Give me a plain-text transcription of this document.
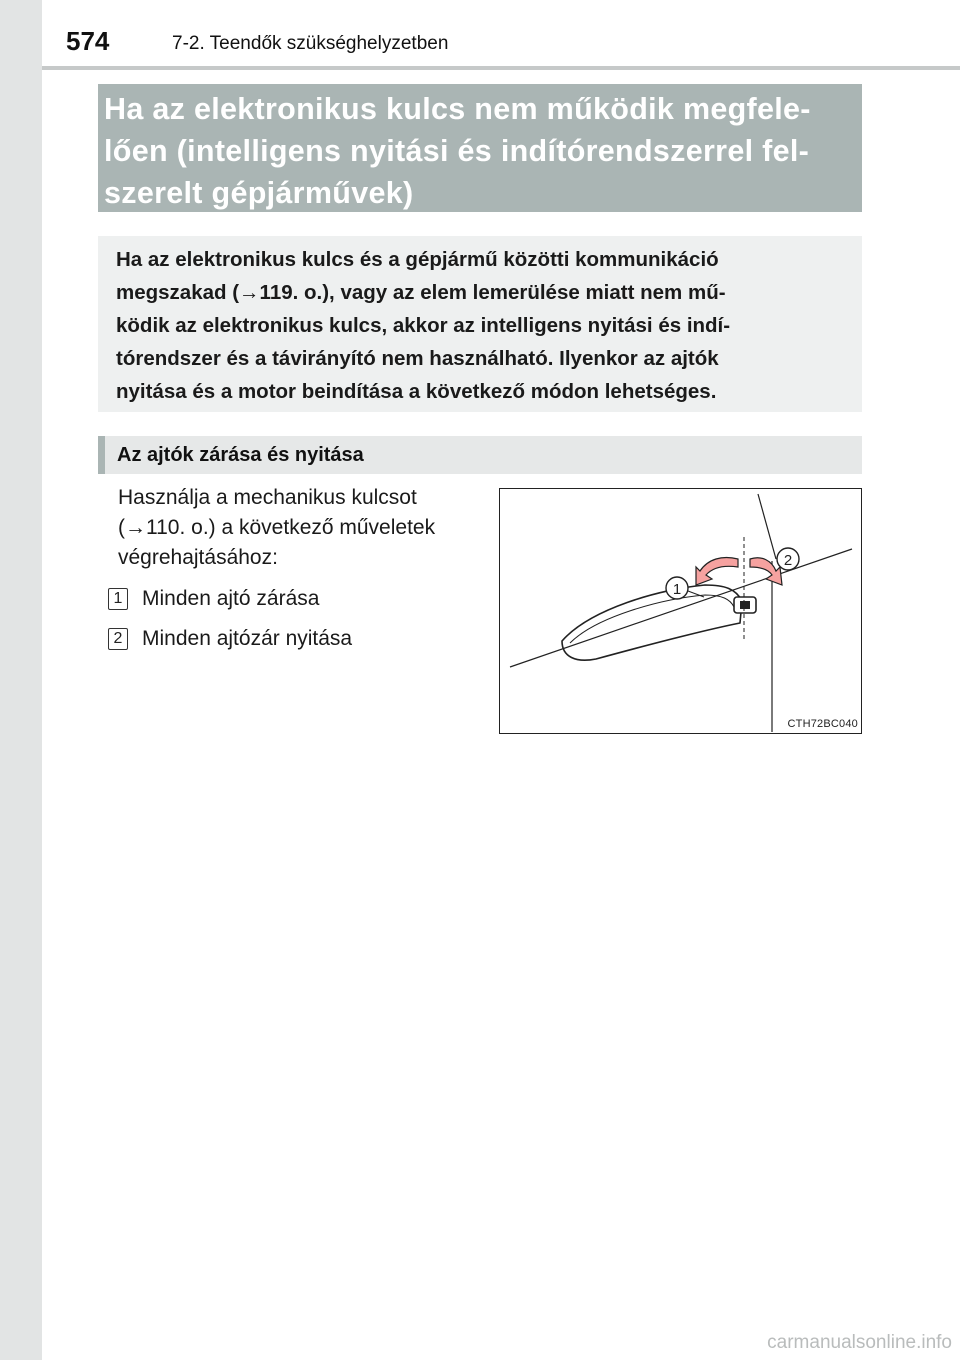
574	7-2. Teendők szükséghelyzetben
Ha az elektronikus kulcs nem működik megfele-
lően (intelligens nyitási és indítórendszerrel fel-
szerelt gépjárművek)

Ha az elektronikus kulcs és a gépjármű közötti kommunikáció
megszakad (→119. o.), vagy az elem lemerülése miatt nem mű-
ködik az elektronikus kulcs, akkor az intelligens nyitási és indí-
tórendszer és a távirányító nem használható. Ilyenkor az ajtók
nyitása és a motor beindítása a következő módon lehetséges.

Az ajtók zárása és nyitása

Használja a mechanikus kulcsot
(→110. o.) a következő műveletek
végrehajtásához:

1 Minden ajtó zárása
2 Minden ajtózár nyitása
1
2
CTH72BC040
carmanualsonline.info
